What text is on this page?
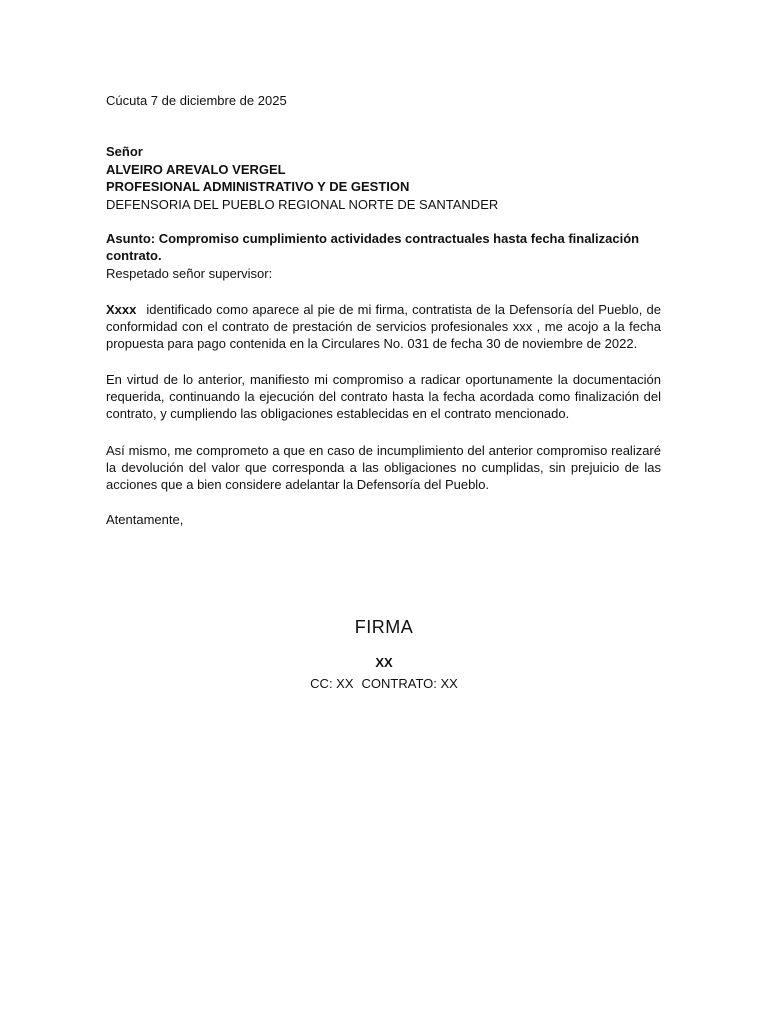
Cúcuta 7 de diciembre de 2025

Señor
ALVEIRO AREVALO VERGEL
PROFESIONAL ADMINISTRATIVO Y DE GESTION
DEFENSORIA DEL PUEBLO REGIONAL NORTE DE SANTANDER

Asunto: Compromiso cumplimiento actividades contractuales hasta fecha finalización contrato.

Respetado señor supervisor:

Xxxx identificado como aparece al pie de mi firma, contratista de la Defensoría del Pueblo, de conformidad con el contrato de prestación de servicios profesionales xxx , me acojo a la fecha propuesta para pago contenida en la Circulares No. 031 de fecha 30 de noviembre de 2022.

En virtud de lo anterior, manifiesto mi compromiso a radicar oportunamente la documentación requerida, continuando la ejecución del contrato hasta la fecha acordada como finalización del contrato, y cumpliendo las obligaciones establecidas en el contrato mencionado.

Así mismo, me comprometo a que en caso de incumplimiento del anterior compromiso realizaré la devolución del valor que corresponda a las obligaciones no cumplidas, sin prejuicio de las acciones que a bien considere adelantar la Defensoría del Pueblo.

Atentamente,

FIRMA
XX
CC: XX CONTRATO: XX
